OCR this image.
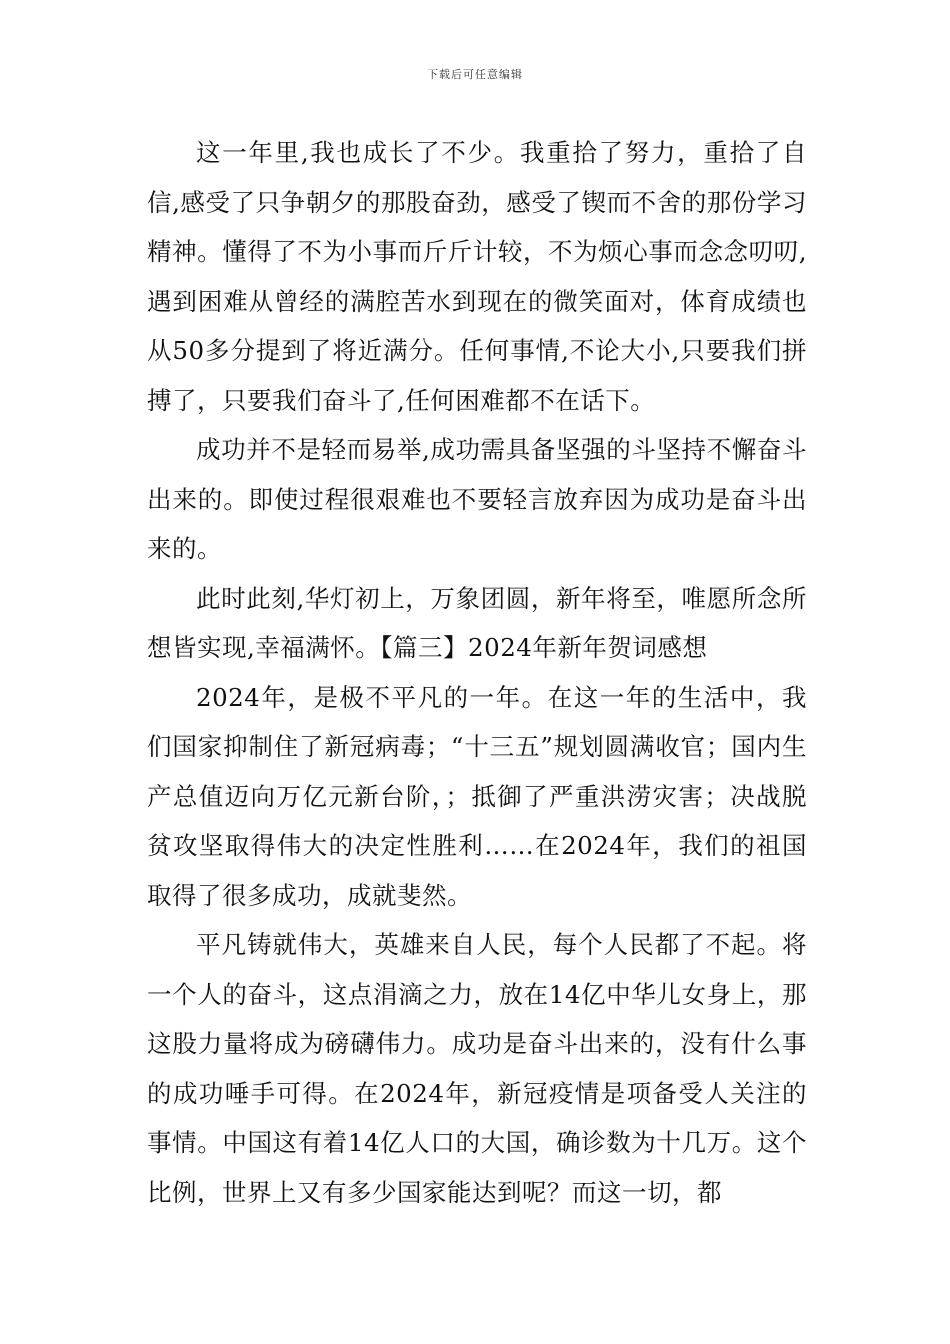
下载后可任意编辑

这一年里,我也成长了不少。我重拾了努力，重拾了自信,感受了只争朝夕的那股奋劲，感受了锲而不舍的那份学习精神。懂得了不为小事而斤斤计较，不为烦心事而念念叨叨,遇到困难从曾经的满腔苦水到现在的微笑面对，体育成绩也从50多分提到了将近满分。任何事情,不论大小,只要我们拼搏了，只要我们奋斗了,任何困难都不在话下。

成功并不是轻而易举,成功需具备坚强的斗坚持不懈奋斗出来的。即使过程很艰难也不要轻言放弃因为成功是奋斗出来的。

此时此刻,华灯初上，万象团圆，新年将至，唯愿所念所想皆实现,幸福满怀。【篇三】2024年新年贺词感想

2024年，是极不平凡的一年。在这一年的生活中，我们国家抑制住了新冠病毒；“十三五”规划圆满收官；国内生产总值迈向万亿元新台阶，；抵御了严重洪涝灾害；决战脱贫攻坚取得伟大的决定性胜利……在2024年，我们的祖国取得了很多成功，成就斐然。

平凡铸就伟大，英雄来自人民，每个人民都了不起。将一个人的奋斗，这点涓滴之力，放在14亿中华儿女身上，那这股力量将成为磅礴伟力。成功是奋斗出来的，没有什么事的成功唾手可得。在2024年，新冠疫情是项备受人关注的事情。中国这有着14亿人口的大国，确诊数为十几万。这个比例，世界上又有多少国家能达到呢？而这一切，都
